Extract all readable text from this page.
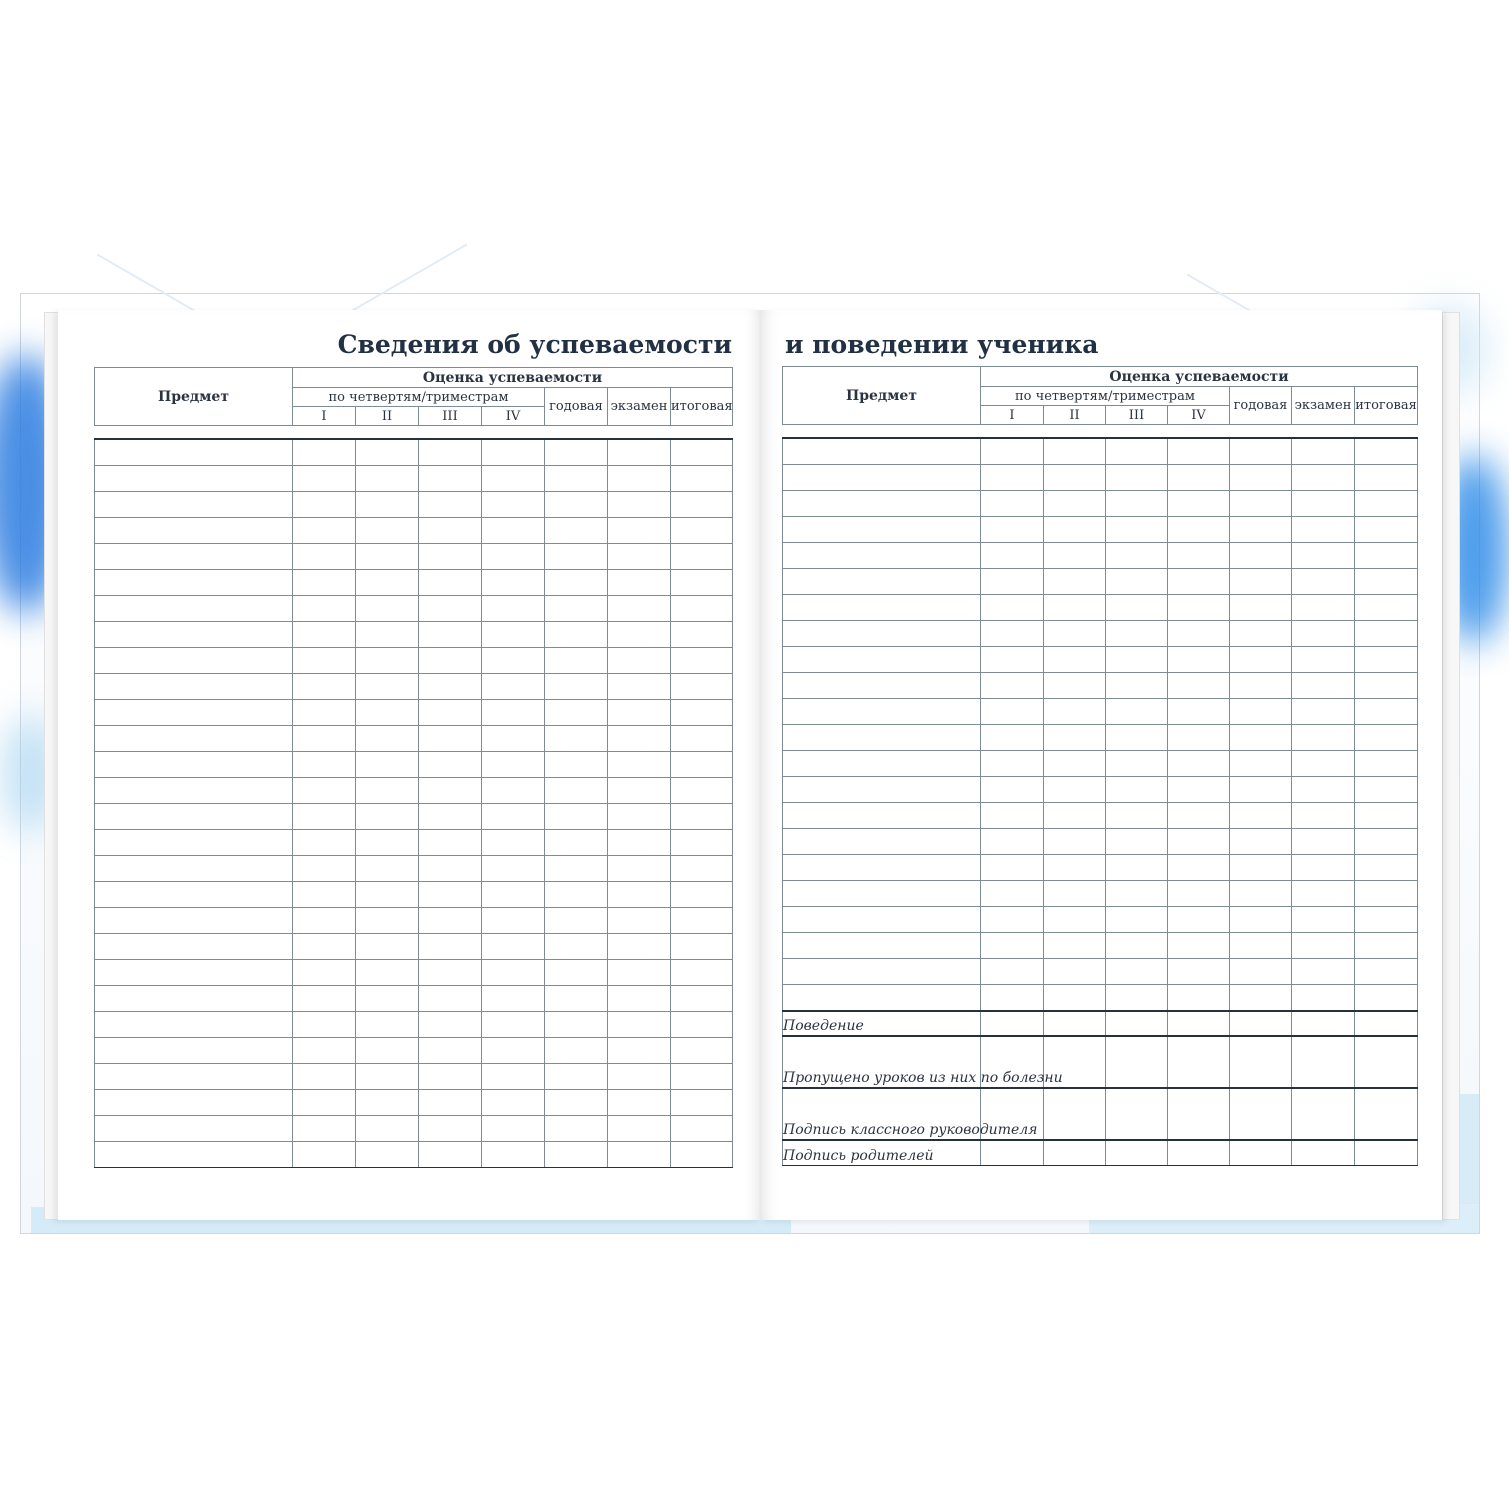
Сведения об успеваемости и поведении ученика
Предмет	Оценка успеваемости						
	по четвертям/триместрам				годовая	экзамен	итоговая
	I	II	III	IV			

Предмет	Оценка успеваемости						
	по четвертям/триместрам				годовая	экзамен	итоговая
	I	II	III	IV			

Поведение							
Пропущено уроков из них по болезни							
Подпись классного руководителя							
Подпись родителей							
